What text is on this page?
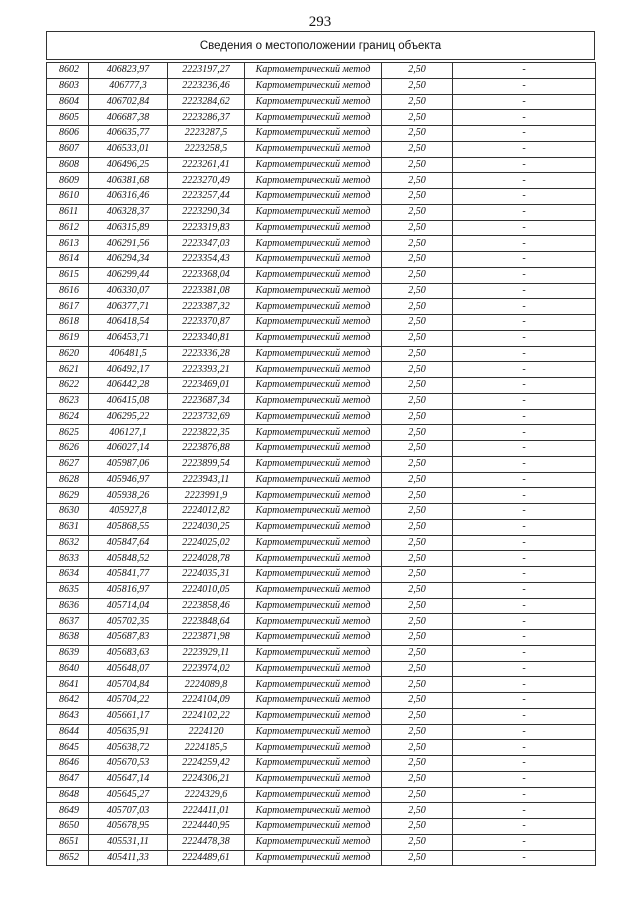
293
Сведения о местоположении границ объекта
8602	406823,97	2223197,27	Картометрический метод	2,50	-
8603	406777,3	2223236,46	Картометрический метод	2,50	-
8604	406702,84	2223284,62	Картометрический метод	2,50	-
8605	406687,38	2223286,37	Картометрический метод	2,50	-
8606	406635,77	2223287,5	Картометрический метод	2,50	-
8607	406533,01	2223258,5	Картометрический метод	2,50	-
8608	406496,25	2223261,41	Картометрический метод	2,50	-
8609	406381,68	2223270,49	Картометрический метод	2,50	-
8610	406316,46	2223257,44	Картометрический метод	2,50	-
8611	406328,37	2223290,34	Картометрический метод	2,50	-
8612	406315,89	2223319,83	Картометрический метод	2,50	-
8613	406291,56	2223347,03	Картометрический метод	2,50	-
8614	406294,34	2223354,43	Картометрический метод	2,50	-
8615	406299,44	2223368,04	Картометрический метод	2,50	-
8616	406330,07	2223381,08	Картометрический метод	2,50	-
8617	406377,71	2223387,32	Картометрический метод	2,50	-
8618	406418,54	2223370,87	Картометрический метод	2,50	-
8619	406453,71	2223340,81	Картометрический метод	2,50	-
8620	406481,5	2223336,28	Картометрический метод	2,50	-
8621	406492,17	2223393,21	Картометрический метод	2,50	-
8622	406442,28	2223469,01	Картометрический метод	2,50	-
8623	406415,08	2223687,34	Картометрический метод	2,50	-
8624	406295,22	2223732,69	Картометрический метод	2,50	-
8625	406127,1	2223822,35	Картометрический метод	2,50	-
8626	406027,14	2223876,88	Картометрический метод	2,50	-
8627	405987,06	2223899,54	Картометрический метод	2,50	-
8628	405946,97	2223943,11	Картометрический метод	2,50	-
8629	405938,26	2223991,9	Картометрический метод	2,50	-
8630	405927,8	2224012,82	Картометрический метод	2,50	-
8631	405868,55	2224030,25	Картометрический метод	2,50	-
8632	405847,64	2224025,02	Картометрический метод	2,50	-
8633	405848,52	2224028,78	Картометрический метод	2,50	-
8634	405841,77	2224035,31	Картометрический метод	2,50	-
8635	405816,97	2224010,05	Картометрический метод	2,50	-
8636	405714,04	2223858,46	Картометрический метод	2,50	-
8637	405702,35	2223848,64	Картометрический метод	2,50	-
8638	405687,83	2223871,98	Картометрический метод	2,50	-
8639	405683,63	2223929,11	Картометрический метод	2,50	-
8640	405648,07	2223974,02	Картометрический метод	2,50	-
8641	405704,84	2224089,8	Картометрический метод	2,50	-
8642	405704,22	2224104,09	Картометрический метод	2,50	-
8643	405661,17	2224102,22	Картометрический метод	2,50	-
8644	405635,91	2224120	Картометрический метод	2,50	-
8645	405638,72	2224185,5	Картометрический метод	2,50	-
8646	405670,53	2224259,42	Картометрический метод	2,50	-
8647	405647,14	2224306,21	Картометрический метод	2,50	-
8648	405645,27	2224329,6	Картометрический метод	2,50	-
8649	405707,03	2224411,01	Картометрический метод	2,50	-
8650	405678,95	2224440,95	Картометрический метод	2,50	-
8651	405531,11	2224478,38	Картометрический метод	2,50	-
8652	405411,33	2224489,61	Картометрический метод	2,50	-
